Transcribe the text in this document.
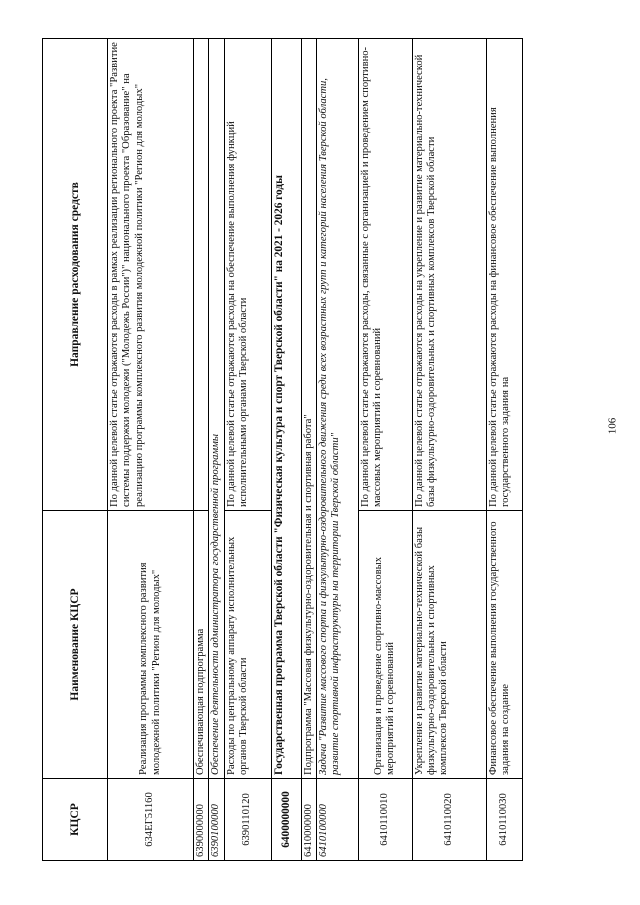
106
КЦСР	Наименование КЦСР	Направление расходования средств
634ЕГ51160	Реализация программы комплексного развития молодежной политики "Регион для молодых"	По данной целевой статье отражаются расходы в рамках реализации регионального проекта "Развитие системы поддержки молодежи ("Молодежь России")" национального проекта "Образование" на реализацию программы комплексного развития молодежной политики "Регион для молодых"
6390000000	Обеспечивающая подпрограмма	
6390100000	Обеспечение деятельности администратора государственной программы	
6390110120	Расходы по центральному аппарату исполнительных органов Тверской области	По данной целевой статье отражаются расходы на обеспечение выполнения функций исполнительными органами Тверской области
6400000000	Государственная программа Тверской области "Физическая культура и спорт Тверской области" на 2021 - 2026 годы	
6410000000	Подпрограмма "Массовая физкультурно-оздоровительная и спортивная работа"	
6410100000	Задача "Развитие массового спорта и физкультурно-оздоровительного движения среди всех возрастных групп и категорий населения Тверской области, развитие спортивной инфраструктуры на территории Тверской области"	
6410110010	Организация и проведение спортивно-массовых мероприятий и соревнований	По данной целевой статье отражаются расходы, связанные с организацией и проведением спортивно-массовых мероприятий и соревнований
6410110020	Укрепление и развитие материально-технической базы физкультурно-оздоровительных и спортивных комплексов Тверской области	По данной целевой статье отражаются расходы на укрепление и развитие материально-технической базы физкультурно-оздоровительных и спортивных комплексов Тверской области
6410110030	Финансовое обеспечение выполнения государственного задания на создание	По данной целевой статье отражаются расходы на финансовое обеспечение выполнения государственного задания на
